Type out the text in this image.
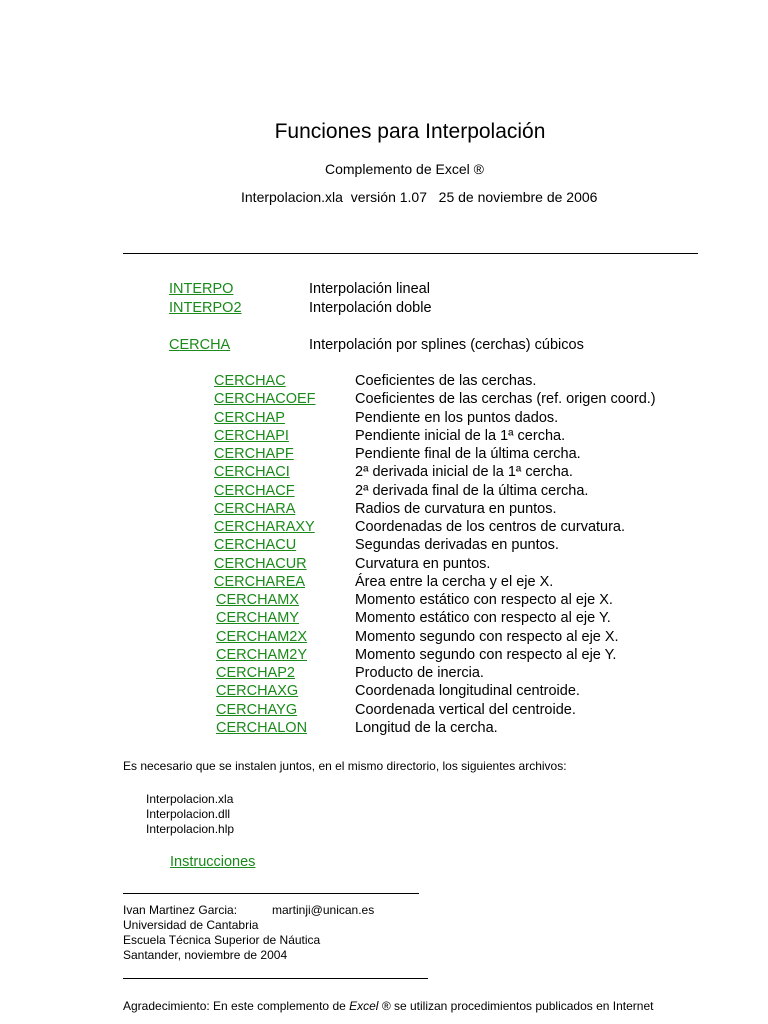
Funciones para Interpolación
Complemento de Excel ®
Interpolacion.xla  versión 1.07   25 de noviembre de 2006
INTERPO	Interpolación lineal
INTERPO2	Interpolación doble
CERCHA	Interpolación por splines (cerchas) cúbicos
CERCHAC	Coeficientes de las cerchas.
CERCHACOEF	Coeficientes de las cerchas (ref. origen coord.)
CERCHAP	Pendiente en los puntos dados.
CERCHAPI	Pendiente inicial de la 1ª cercha.
CERCHAPF	Pendiente final de la última cercha.
CERCHACI	2ª derivada inicial de la 1ª cercha.
CERCHACF	2ª derivada final de la última cercha.
CERCHARA	Radios de curvatura en puntos.
CERCHARAXY	Coordenadas de los centros de curvatura.
CERCHACU	Segundas derivadas en puntos.
CERCHACUR	Curvatura en puntos.
CERCHAREA	Área entre la cercha y el eje X.
CERCHAMX	Momento estático con respecto al eje X.
CERCHAMY	Momento estático con respecto al eje Y.
CERCHAM2X	Momento segundo con respecto al eje X.
CERCHAM2Y	Momento segundo con respecto al eje Y.
CERCHAP2	Producto de inercia.
CERCHAXG	Coordenada longitudinal centroide.
CERCHAYG	Coordenada vertical del centroide.
CERCHALON	Longitud de la cercha.
Es necesario que se instalen juntos, en el mismo directorio, los siguientes archivos:
Interpolacion.xla
Interpolacion.dll
Interpolacion.hlp
Instrucciones
Ivan Martinez Garcia:	martinji@unican.es
Universidad de Cantabria
Escuela Técnica Superior de Náutica
Santander, noviembre de 2004
Agradecimiento: En este complemento de Excel ® se utilizan procedimientos publicados en Internet
